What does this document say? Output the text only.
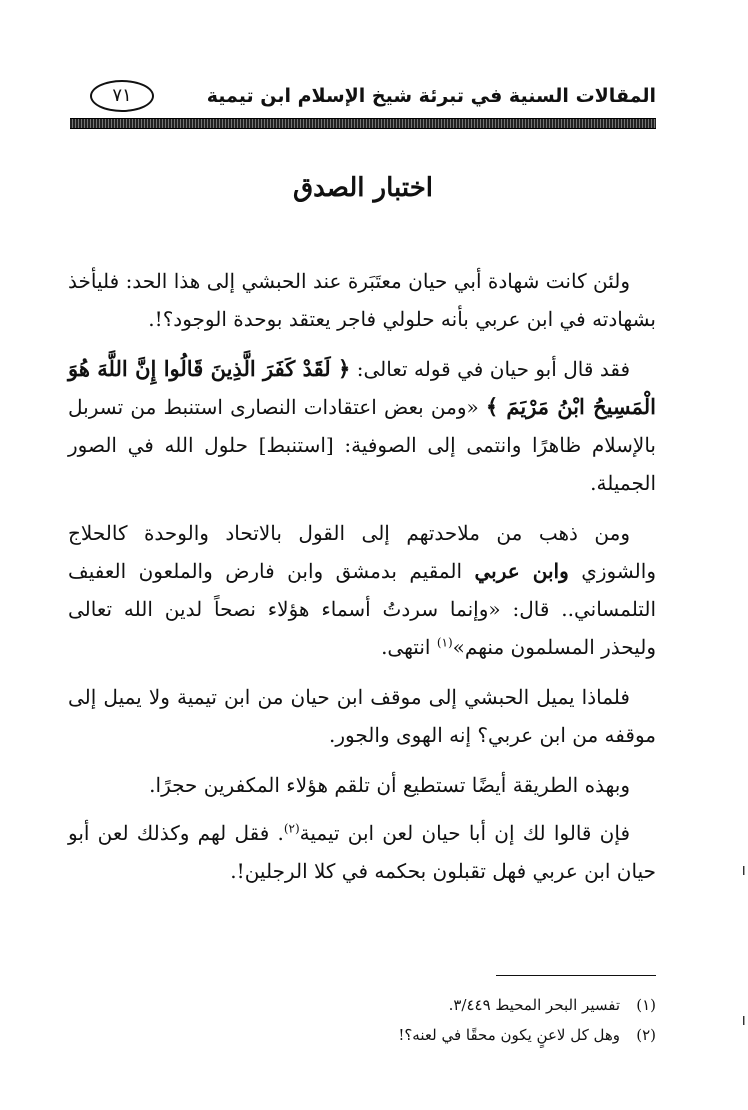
المقالات السنية في تبرئة شيخ الإسلام ابن تيمية
٧١
اختبار الصدق

ولئن كانت شهادة أبي حيان معتَبَرة عند الحبشي إلى هذا الحد: فليأخذ بشهادته في ابن عربي بأنه حلولي فاجر يعتقد بوحدة الوجود؟!.

فقد قال أبو حيان في قوله تعالى: ﴿ لَقَدْ كَفَرَ الَّذِينَ قَالُوا إِنَّ اللَّهَ هُوَ الْمَسِيحُ ابْنُ مَرْيَمَ ﴾ «ومن بعض اعتقادات النصارى استنبط من تسربل بالإسلام ظاهرًا وانتمى إلى الصوفية: [استنبط] حلول الله في الصور الجميلة.

ومن ذهب من ملاحدتهم إلى القول بالاتحاد والوحدة كالحلاج والشوزي وابن عربي المقيم بدمشق وابن فارض والملعون العفيف التلمساني.. قال: «وإنما سردتُ أسماء هؤلاء نصحاً لدين الله تعالى وليحذر المسلمون منهم»$^{(١)}$ انتهى.

فلماذا يميل الحبشي إلى موقف ابن حيان من ابن تيمية ولا يميل إلى موقفه من ابن عربي؟ إنه الهوى والجور.

وبهذه الطريقة أيضًا تستطيع أن تلقم هؤلاء المكفرين حجرًا.

فإن قالوا لك إن أبا حيان لعن ابن تيمية$^{(٢)}$. فقل لهم وكذلك لعن أبو حيان ابن عربي فهل تقبلون بحكمه في كلا الرجلين!.

(١)تفسير البحر المحيط ٣/٤٤٩.
(٢)وهل كل لاعنٍ يكون محقًا في لعنه؟!
ı
ı
